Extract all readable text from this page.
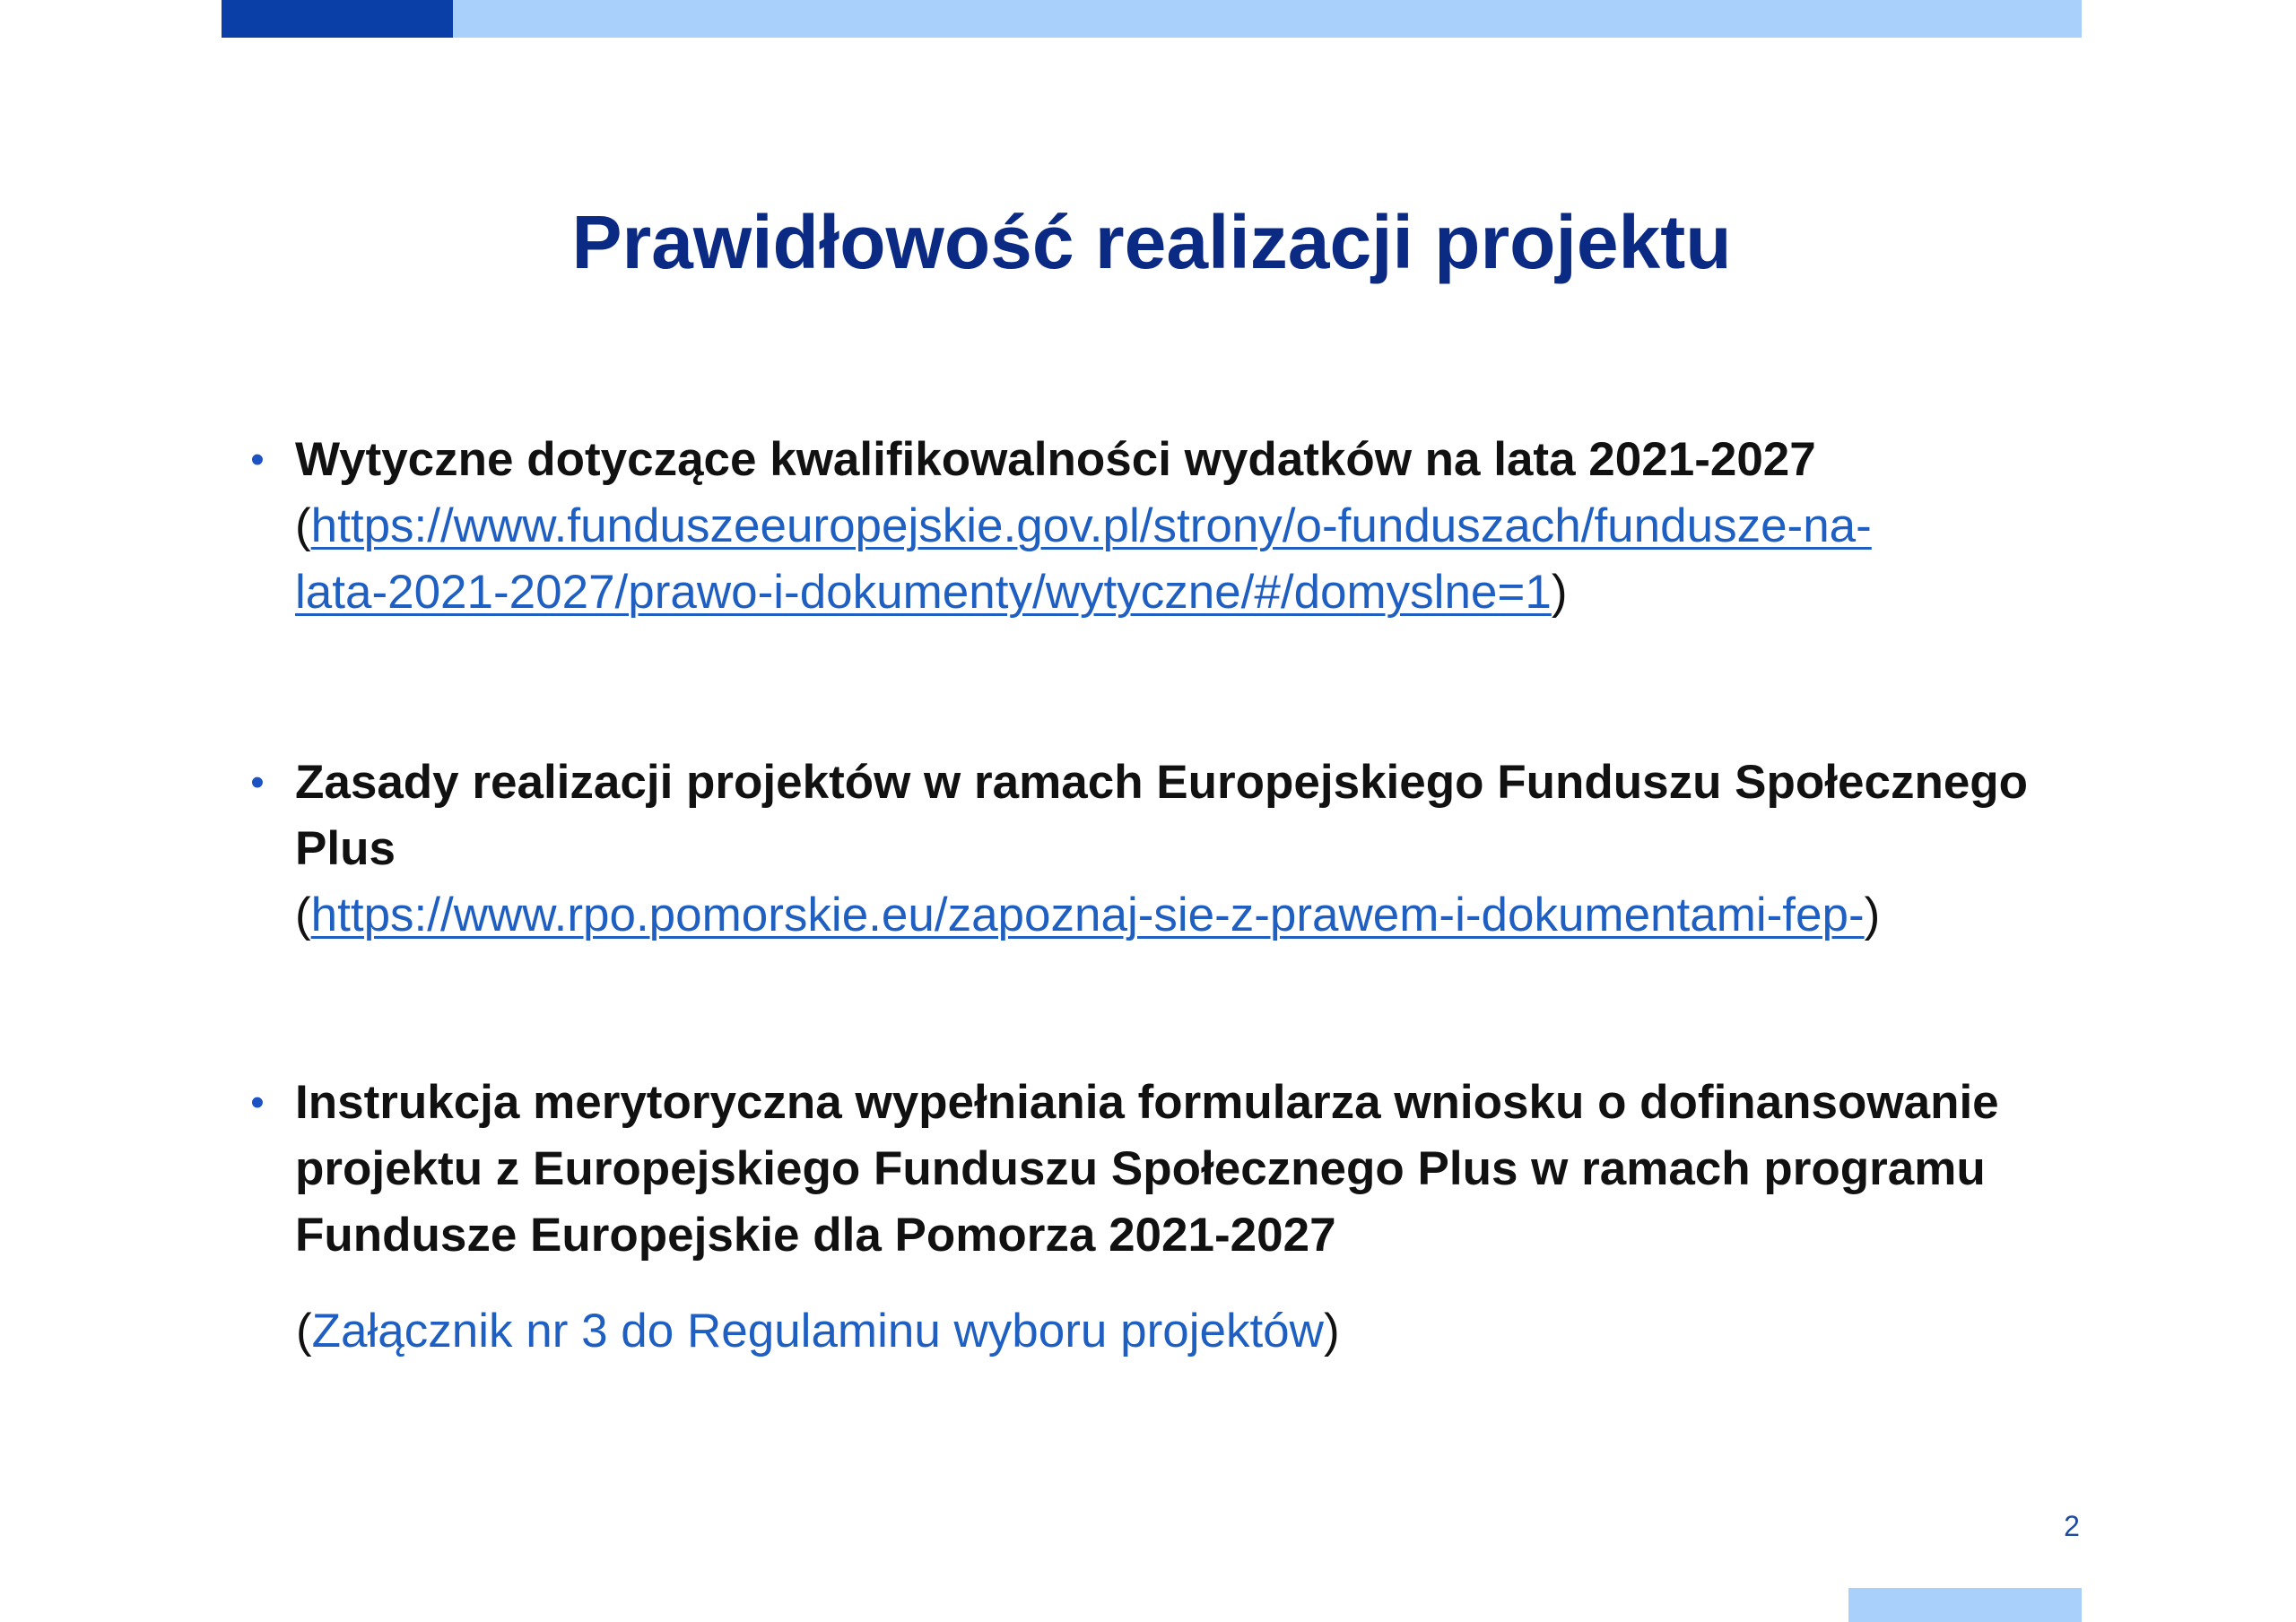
Prawidłowość realizacji projektu
• Wytyczne dotyczące kwalifikowalności wydatków na lata 2021-2027
(https://www.funduszeeuropejskie.gov.pl/strony/o-funduszach/fundusze-na-
lata-2021-2027/prawo-i-dokumenty/wytyczne/#/domyslne=1)
• Zasady realizacji projektów w ramach Europejskiego Funduszu Społecznego
Plus
(https://www.rpo.pomorskie.eu/zapoznaj-sie-z-prawem-i-dokumentami-fep-)
• Instrukcja merytoryczna wypełniania formularza wniosku o dofinansowanie
projektu z Europejskiego Funduszu Społecznego Plus w ramach programu
Fundusze Europejskie dla Pomorza 2021-2027
(Załącznik nr 3 do Regulaminu wyboru projektów)
2
